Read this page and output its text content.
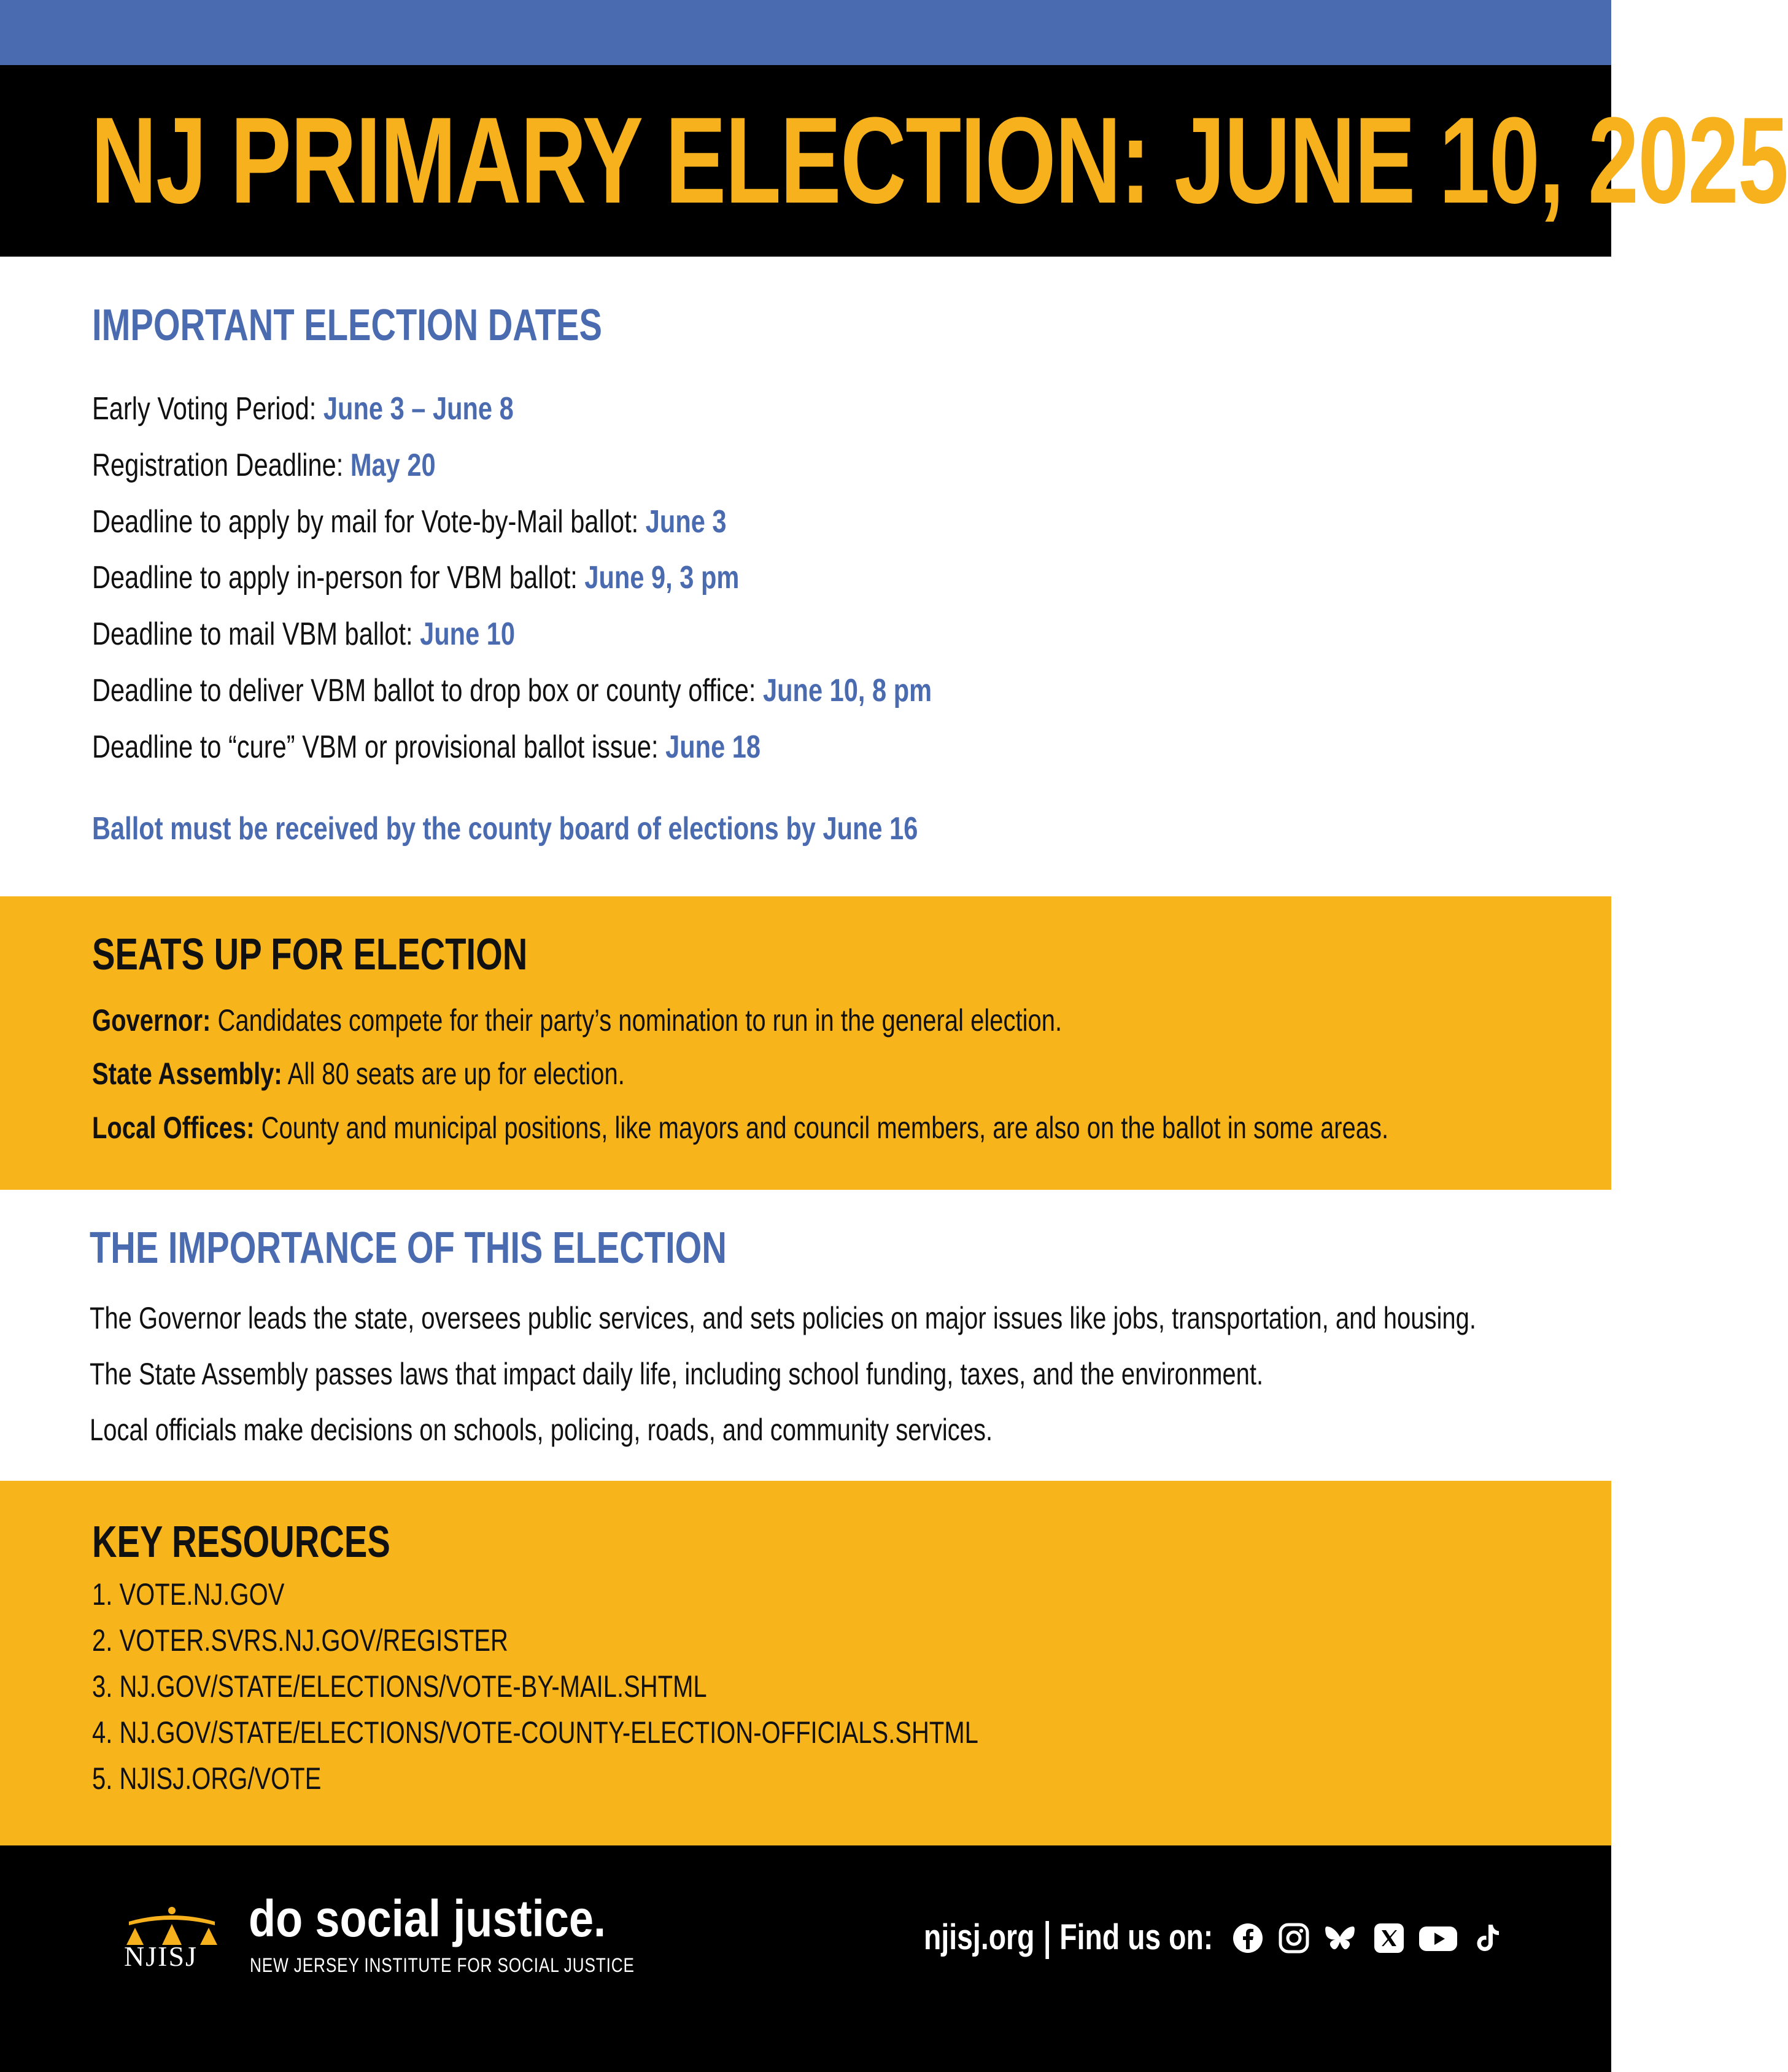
NJ PRIMARY ELECTION: JUNE 10, 2025
IMPORTANT ELECTION DATES

Early Voting Period: June 3 – June 8

Registration Deadline: May 20

Deadline to apply by mail for Vote-by-Mail ballot: June 3

Deadline to apply in-person for VBM ballot: June 9, 3 pm

Deadline to mail VBM ballot: June 10

Deadline to deliver VBM ballot to drop box or county office: June 10, 8 pm

Deadline to “cure” VBM or provisional ballot issue: June 18

Ballot must be received by the county board of elections by June 16

SEATS UP FOR ELECTION

Governor: Candidates compete for their party’s nomination to run in the general election.

State Assembly: All 80 seats are up for election.

Local Offices: County and municipal positions, like mayors and council members, are also on the ballot in some areas.

THE IMPORTANCE OF THIS ELECTION

The Governor leads the state, oversees public services, and sets policies on major issues like jobs, transportation, and housing.

The State Assembly passes laws that impact daily life, including school funding, taxes, and the environment.

Local officials make decisions on schools, policing, roads, and community services.

KEY RESOURCES

1. VOTE.NJ.GOV

2. VOTER.SVRS.NJ.GOV/REGISTER

3. NJ.GOV/STATE/ELECTIONS/VOTE-BY-MAIL.SHTML

4. NJ.GOV/STATE/ELECTIONS/VOTE-COUNTY-ELECTION-OFFICIALS.SHTML

5. NJISJ.ORG/VOTE

NJISJ

do social justice.

NEW JERSEY INSTITUTE FOR SOCIAL JUSTICE

njisj.org Find us on:
